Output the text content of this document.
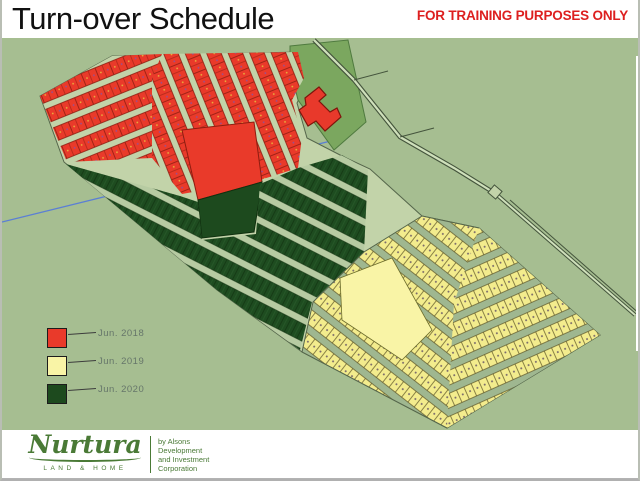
Turn-over Schedule	FOR TRAINING PURPOSES ONLY
Jun. 2018
Jun. 2019
Jun. 2020
Nurtura
LAND & HOME
by Alsons
Development
and Investment
Corporation
